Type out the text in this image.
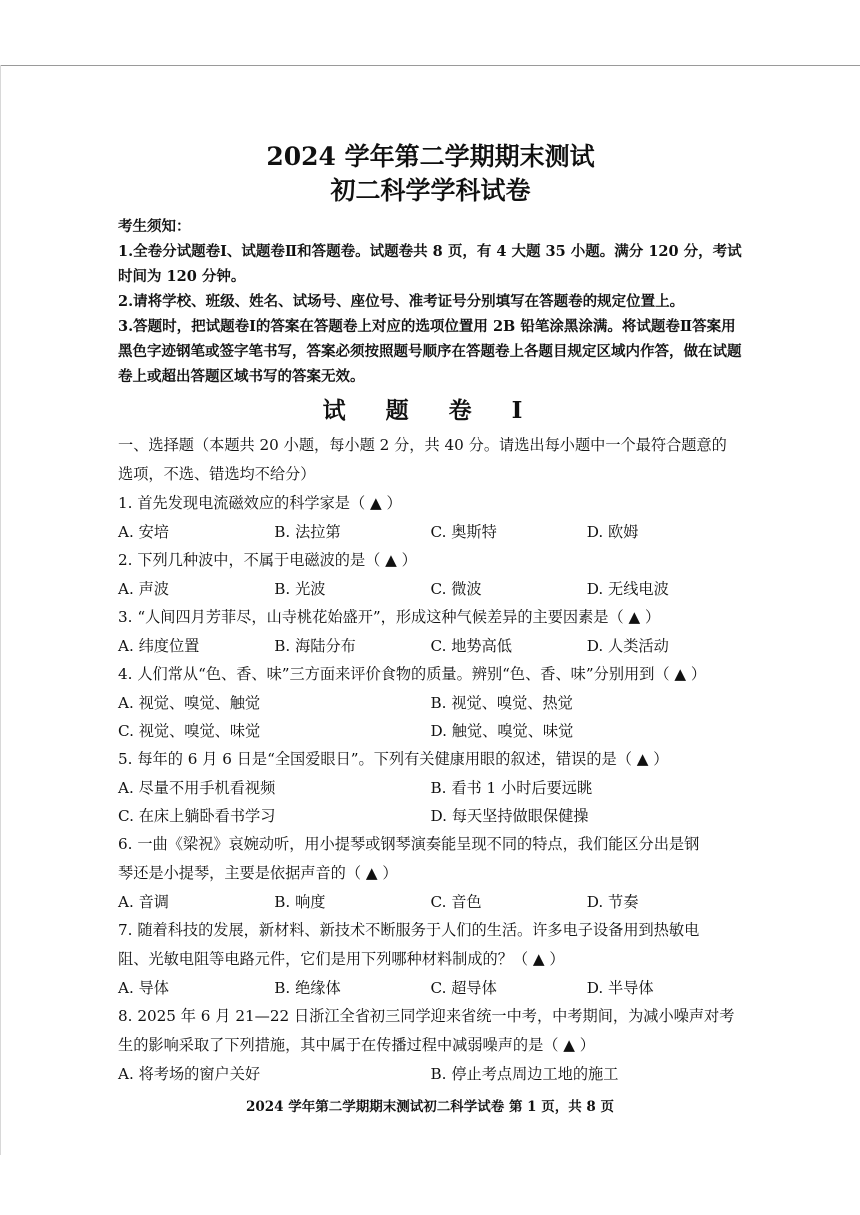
2024 学年第二学期期末测试
初二科学学科试卷
考生须知：
1.全卷分试题卷Ⅰ、试题卷Ⅱ和答题卷。试题卷共 8 页，有 4 大题 35 小题。满分 120 分，考试时间为 120 分钟。
2.请将学校、班级、姓名、试场号、座位号、准考证号分别填写在答题卷的规定位置上。
3.答题时，把试题卷Ⅰ的答案在答题卷上对应的选项位置用 2B 铅笔涂黑涂满。将试题卷Ⅱ答案用黑色字迹钢笔或签字笔书写，答案必须按照题号顺序在答题卷上各题目规定区域内作答，做在试题卷上或超出答题区域书写的答案无效。
试 题 卷 Ⅰ
一、选择题（本题共 20 小题，每小题 2 分，共 40 分。请选出每小题中一个最符合题意的
选项，不选、错选均不给分）
1. 首先发现电流磁效应的科学家是（ ▲ ）
A. 安培	B. 法拉第	C. 奥斯特	D. 欧姆
2. 下列几种波中，不属于电磁波的是（ ▲ ）
A. 声波	B. 光波	C. 微波	D. 无线电波
3. “人间四月芳菲尽，山寺桃花始盛开”，形成这种气候差异的主要因素是（ ▲ ）
A. 纬度位置	B. 海陆分布	C. 地势高低	D. 人类活动
4. 人们常从“色、香、味”三方面来评价食物的质量。辨别“色、香、味”分别用到（ ▲ ）
A. 视觉、嗅觉、触觉	B. 视觉、嗅觉、热觉
C. 视觉、嗅觉、味觉	D. 触觉、嗅觉、味觉
5. 每年的 6 月 6 日是“全国爱眼日”。下列有关健康用眼的叙述，错误的是（ ▲ ）
A. 尽量不用手机看视频	B. 看书 1 小时后要远眺
C. 在床上躺卧看书学习	D. 每天坚持做眼保健操
6. 一曲《梁祝》哀婉动听，用小提琴或钢琴演奏能呈现不同的特点，我们能区分出是钢
琴还是小提琴，主要是依据声音的（ ▲ ）
A. 音调	B. 响度	C. 音色	D. 节奏
7. 随着科技的发展，新材料、新技术不断服务于人们的生活。许多电子设备用到热敏电
阻、光敏电阻等电路元件，它们是用下列哪种材料制成的？（ ▲ ）
A. 导体	B. 绝缘体	C. 超导体	D. 半导体
8. 2025 年 6 月 21—22 日浙江全省初三同学迎来省统一中考，中考期间，为减小噪声对考
生的影响采取了下列措施，其中属于在传播过程中减弱噪声的是（ ▲ ）
A. 将考场的窗户关好	B. 停止考点周边工地的施工
2024 学年第二学期期末测试初二科学试卷 第 1 页，共 8 页
